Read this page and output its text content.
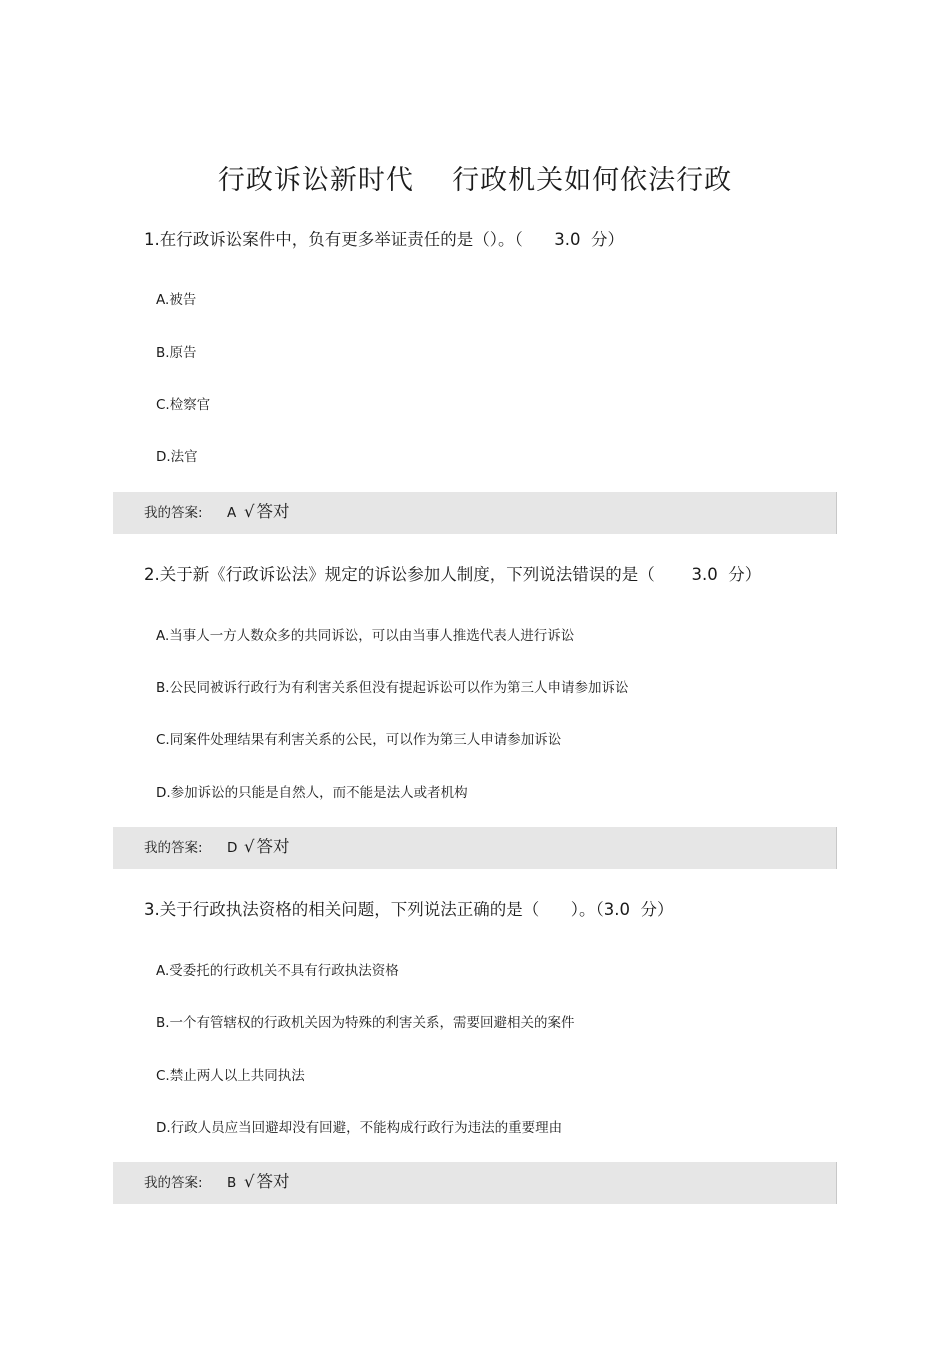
行政诉讼新时代    行政机关如何依法行政
1.在行政诉讼案件中，负有更多举证责任的是（）。（      3.0  分）
A.被告
B.原告
C.检察官
D.法官
我的答案: A √ 答对
2.关于新《行政诉讼法》规定的诉讼参加人制度，下列说法错误的是（       3.0  分）
A.当事人一方人数众多的共同诉讼，可以由当事人推选代表人进行诉讼
B.公民同被诉行政行为有利害关系但没有提起诉讼可以作为第三人申请参加诉讼
C.同案件处理结果有利害关系的公民，可以作为第三人申请参加诉讼
D.参加诉讼的只能是自然人，而不能是法人或者机构
我的答案: D √ 答对
3.关于行政执法资格的相关问题，下列说法正确的是（      ）。（3.0  分）
A.受委托的行政机关不具有行政执法资格
B.一个有管辖权的行政机关因为特殊的利害关系，需要回避相关的案件
C.禁止两人以上共同执法
D.行政人员应当回避却没有回避，不能构成行政行为违法的重要理由
我的答案: B √ 答对
